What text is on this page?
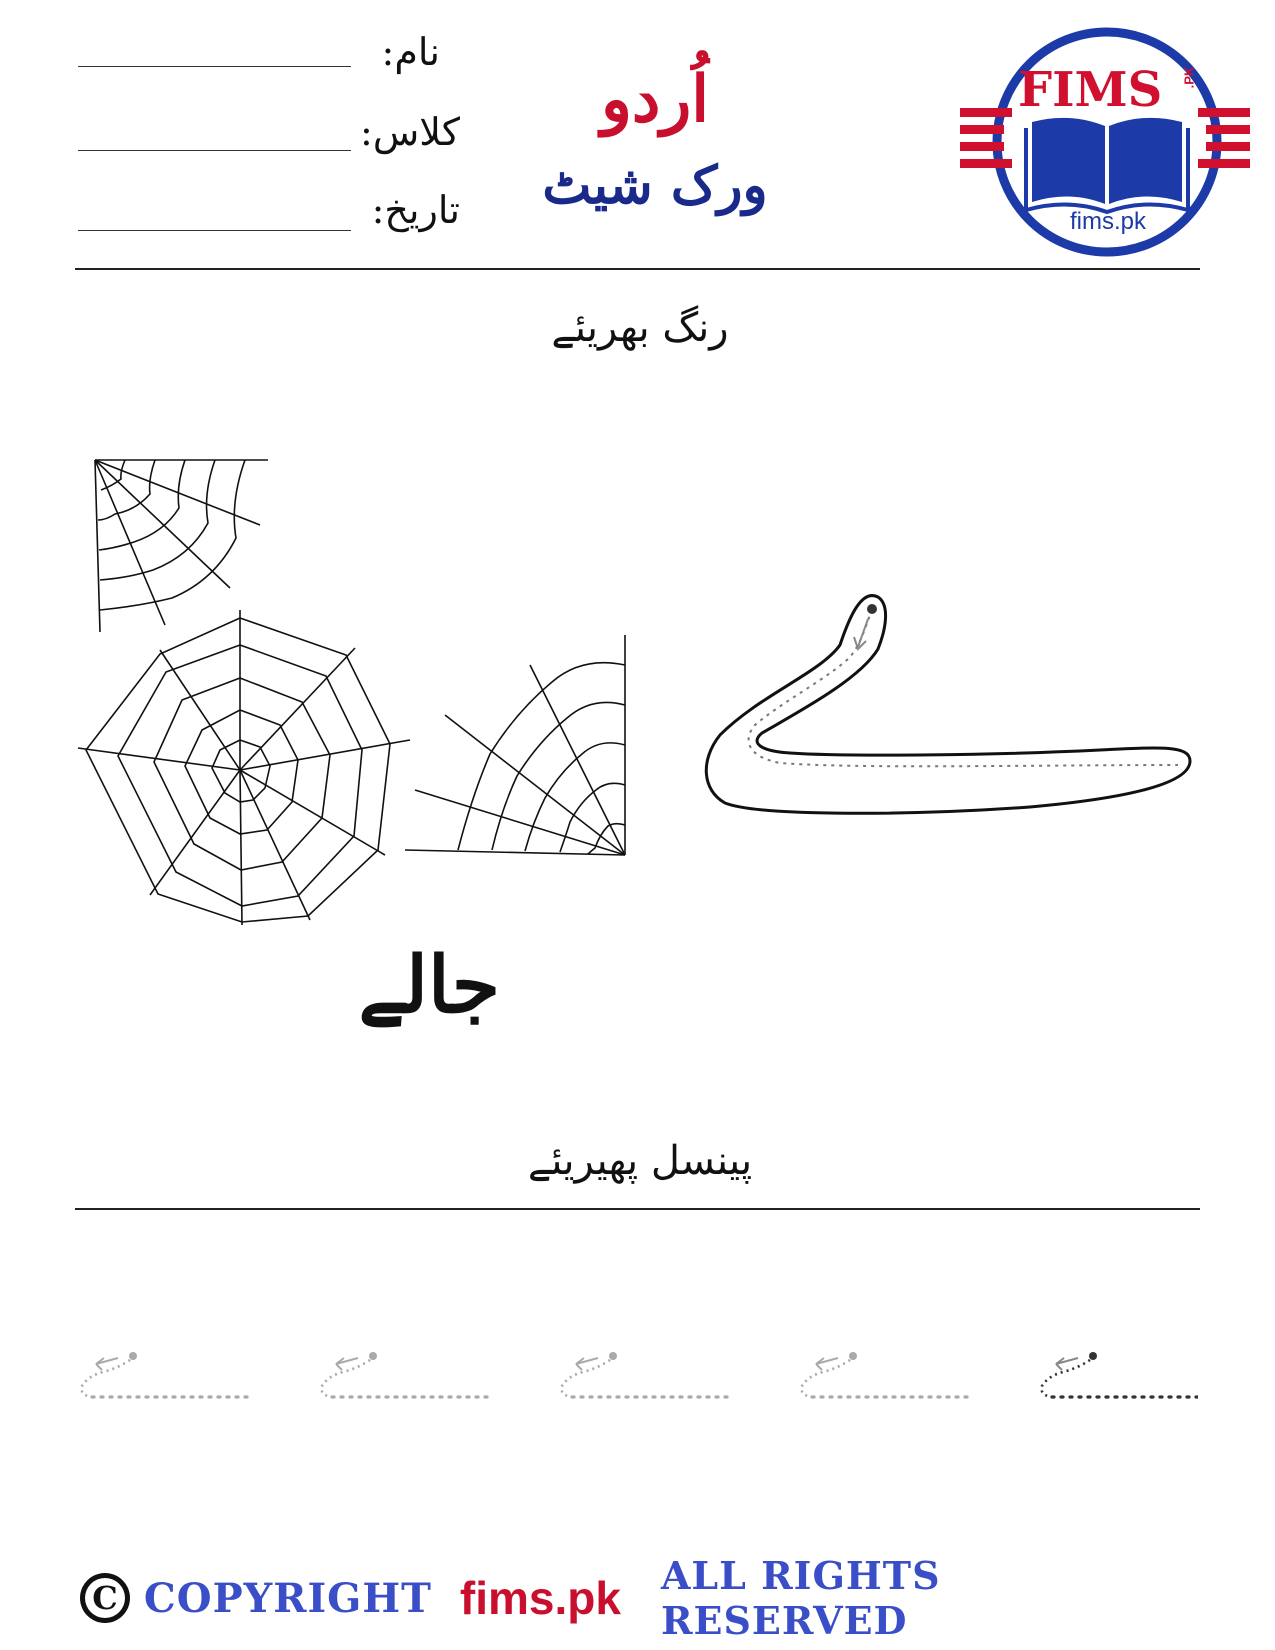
نام:
کلاس:
تاریخ:
اُردو
ورک شیٹ
FIMS .PK
fims.pk
رنگ بھریئے
جالے
پینسل پھیریئے
C COPYRIGHT fims.pk ALL RIGHTS RESERVED
